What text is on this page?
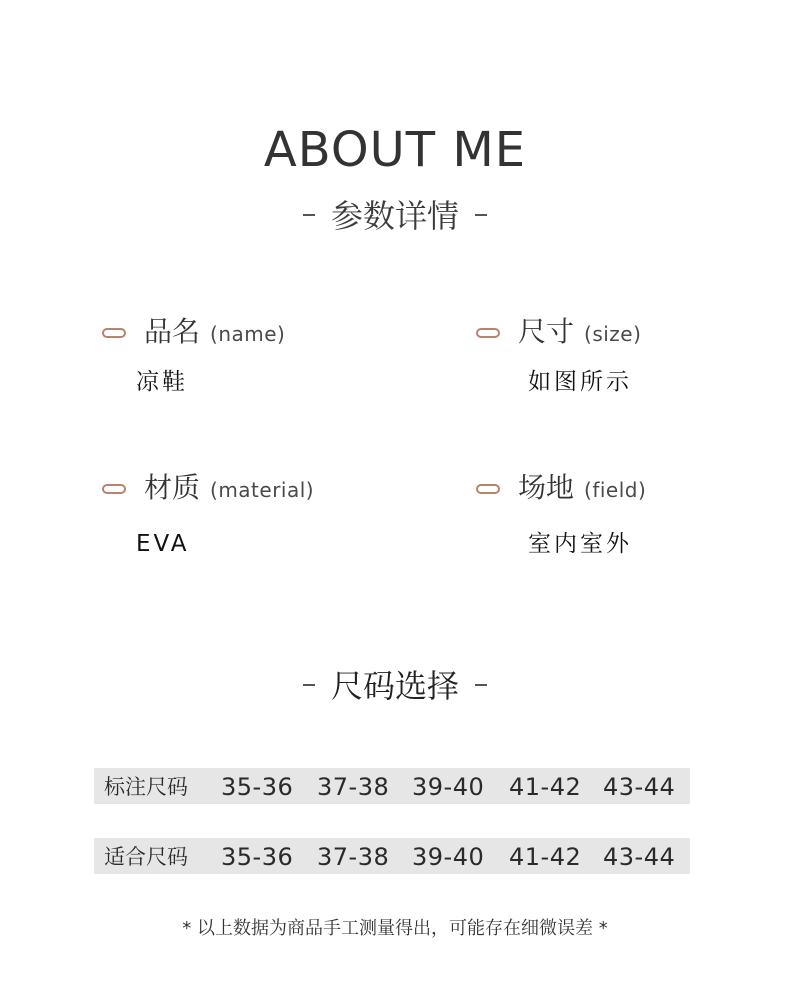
ABOUT ME
参数详情
品名 (name)
凉鞋
尺寸 (size)
如图所示
材质 (material)
EVA
场地 (field)
室内室外
尺码选择
标注尺码 35-36 37-38 39-40 41-42 43-44
适合尺码 35-36 37-38 39-40 41-42 43-44
* 以上数据为商品手工测量得出，可能存在细微误差 *
